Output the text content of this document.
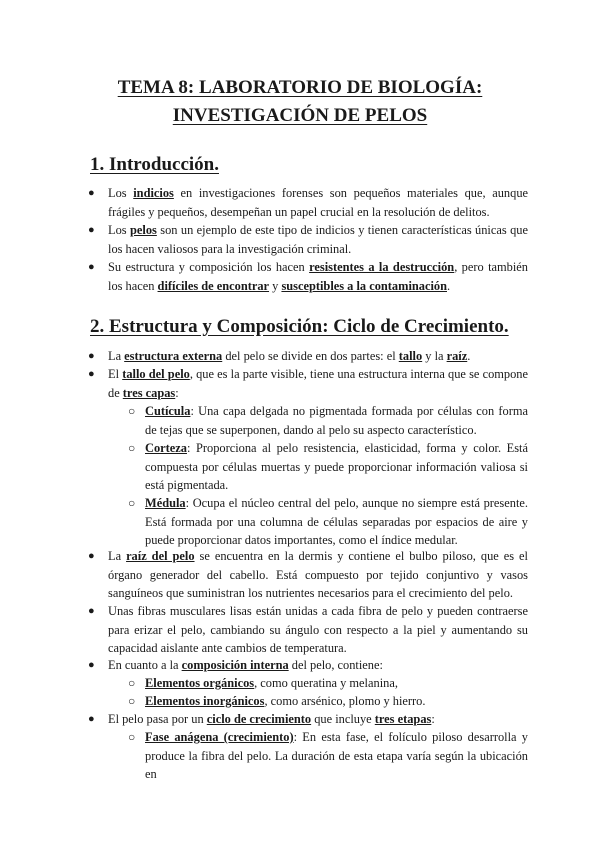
TEMA 8: LABORATORIO DE BIOLOGÍA:
INVESTIGACIÓN DE PELOS
1. Introducción.
● Los indicios en investigaciones forenses son pequeños materiales que, aunque frágiles y pequeños, desempeñan un papel crucial en la resolución de delitos.
● Los pelos son un ejemplo de este tipo de indicios y tienen características únicas que los hacen valiosos para la investigación criminal.
● Su estructura y composición los hacen resistentes a la destrucción, pero también los hacen difíciles de encontrar y susceptibles a la contaminación.
2. Estructura y Composición: Ciclo de Crecimiento.
● La estructura externa del pelo se divide en dos partes: el tallo y la raíz.
● El tallo del pelo, que es la parte visible, tiene una estructura interna que se compone de tres capas:
○ Cutícula: Una capa delgada no pigmentada formada por células con forma de tejas que se superponen, dando al pelo su aspecto característico.
○ Corteza: Proporciona al pelo resistencia, elasticidad, forma y color. Está compuesta por células muertas y puede proporcionar información valiosa si está pigmentada.
○ Médula: Ocupa el núcleo central del pelo, aunque no siempre está presente. Está formada por una columna de células separadas por espacios de aire y puede proporcionar datos importantes, como el índice medular.
● La raíz del pelo se encuentra en la dermis y contiene el bulbo piloso, que es el órgano generador del cabello. Está compuesto por tejido conjuntivo y vasos sanguíneos que suministran los nutrientes necesarios para el crecimiento del pelo.
● Unas fibras musculares lisas están unidas a cada fibra de pelo y pueden contraerse para erizar el pelo, cambiando su ángulo con respecto a la piel y aumentando su capacidad aislante ante cambios de temperatura.
● En cuanto a la composición interna del pelo, contiene:
○ Elementos orgánicos, como queratina y melanina,
○ Elementos inorgánicos, como arsénico, plomo y hierro.
● El pelo pasa por un ciclo de crecimiento que incluye tres etapas:
○ Fase anágena (crecimiento): En esta fase, el folículo piloso desarrolla y produce la fibra del pelo. La duración de esta etapa varía según la ubicación en
